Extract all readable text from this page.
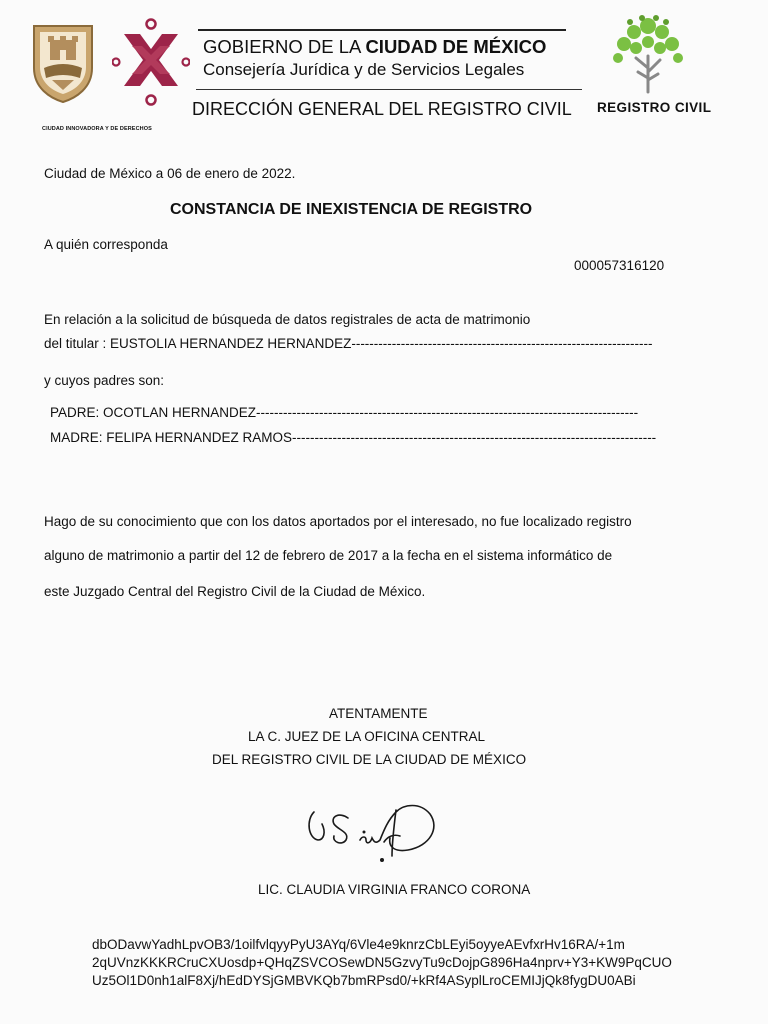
CIUDAD INNOVADORA Y DE DERECHOS
GOBIERNO DE LA CIUDAD DE MÉXICO
Consejería Jurídica y de Servicios Legales
DIRECCIÓN GENERAL DEL REGISTRO CIVIL REGISTRO CIVIL
Ciudad de México a 06 de enero de 2022.
CONSTANCIA DE INEXISTENCIA DE REGISTRO
A quién corresponda
000057316120
En relación a la solicitud de búsqueda de datos registrales de acta de matrimonio
del titular : EUSTOLIA HERNANDEZ HERNANDEZ-------------------------------------------------------------------
y cuyos padres son:
PADRE: OCOTLAN HERNANDEZ-------------------------------------------------------------------------------------
MADRE: FELIPA HERNANDEZ RAMOS---------------------------------------------------------------------------------
Hago de su conocimiento que con los datos aportados por el interesado, no fue localizado registro
alguno de matrimonio a partir del 12 de febrero de 2017 a la fecha en el sistema informático de
este Juzgado Central del Registro Civil de la Ciudad de México.
ATENTAMENTE
LA C. JUEZ DE LA OFICINA CENTRAL
DEL REGISTRO CIVIL DE LA CIUDAD DE MÉXICO
LIC. CLAUDIA VIRGINIA FRANCO CORONA
dbODavwYadhLpvOB3/1oilfvlqyyPyU3AYq/6Vle4e9knrzCbLEyi5oyyeAEvfxrHv16RA/+1m
2qUVnzKKKRCruCXUosdp+QHqZSVCOSewDN5GzvyTu9cDojpG896Ha4nprv+Y3+KW9PqCUO
Uz5Ol1D0nh1alF8Xj/hEdDYSjGMBVKQb7bmRPsd0/+kRf4ASyplLroCEMIJjQk8fygDU0ABi
